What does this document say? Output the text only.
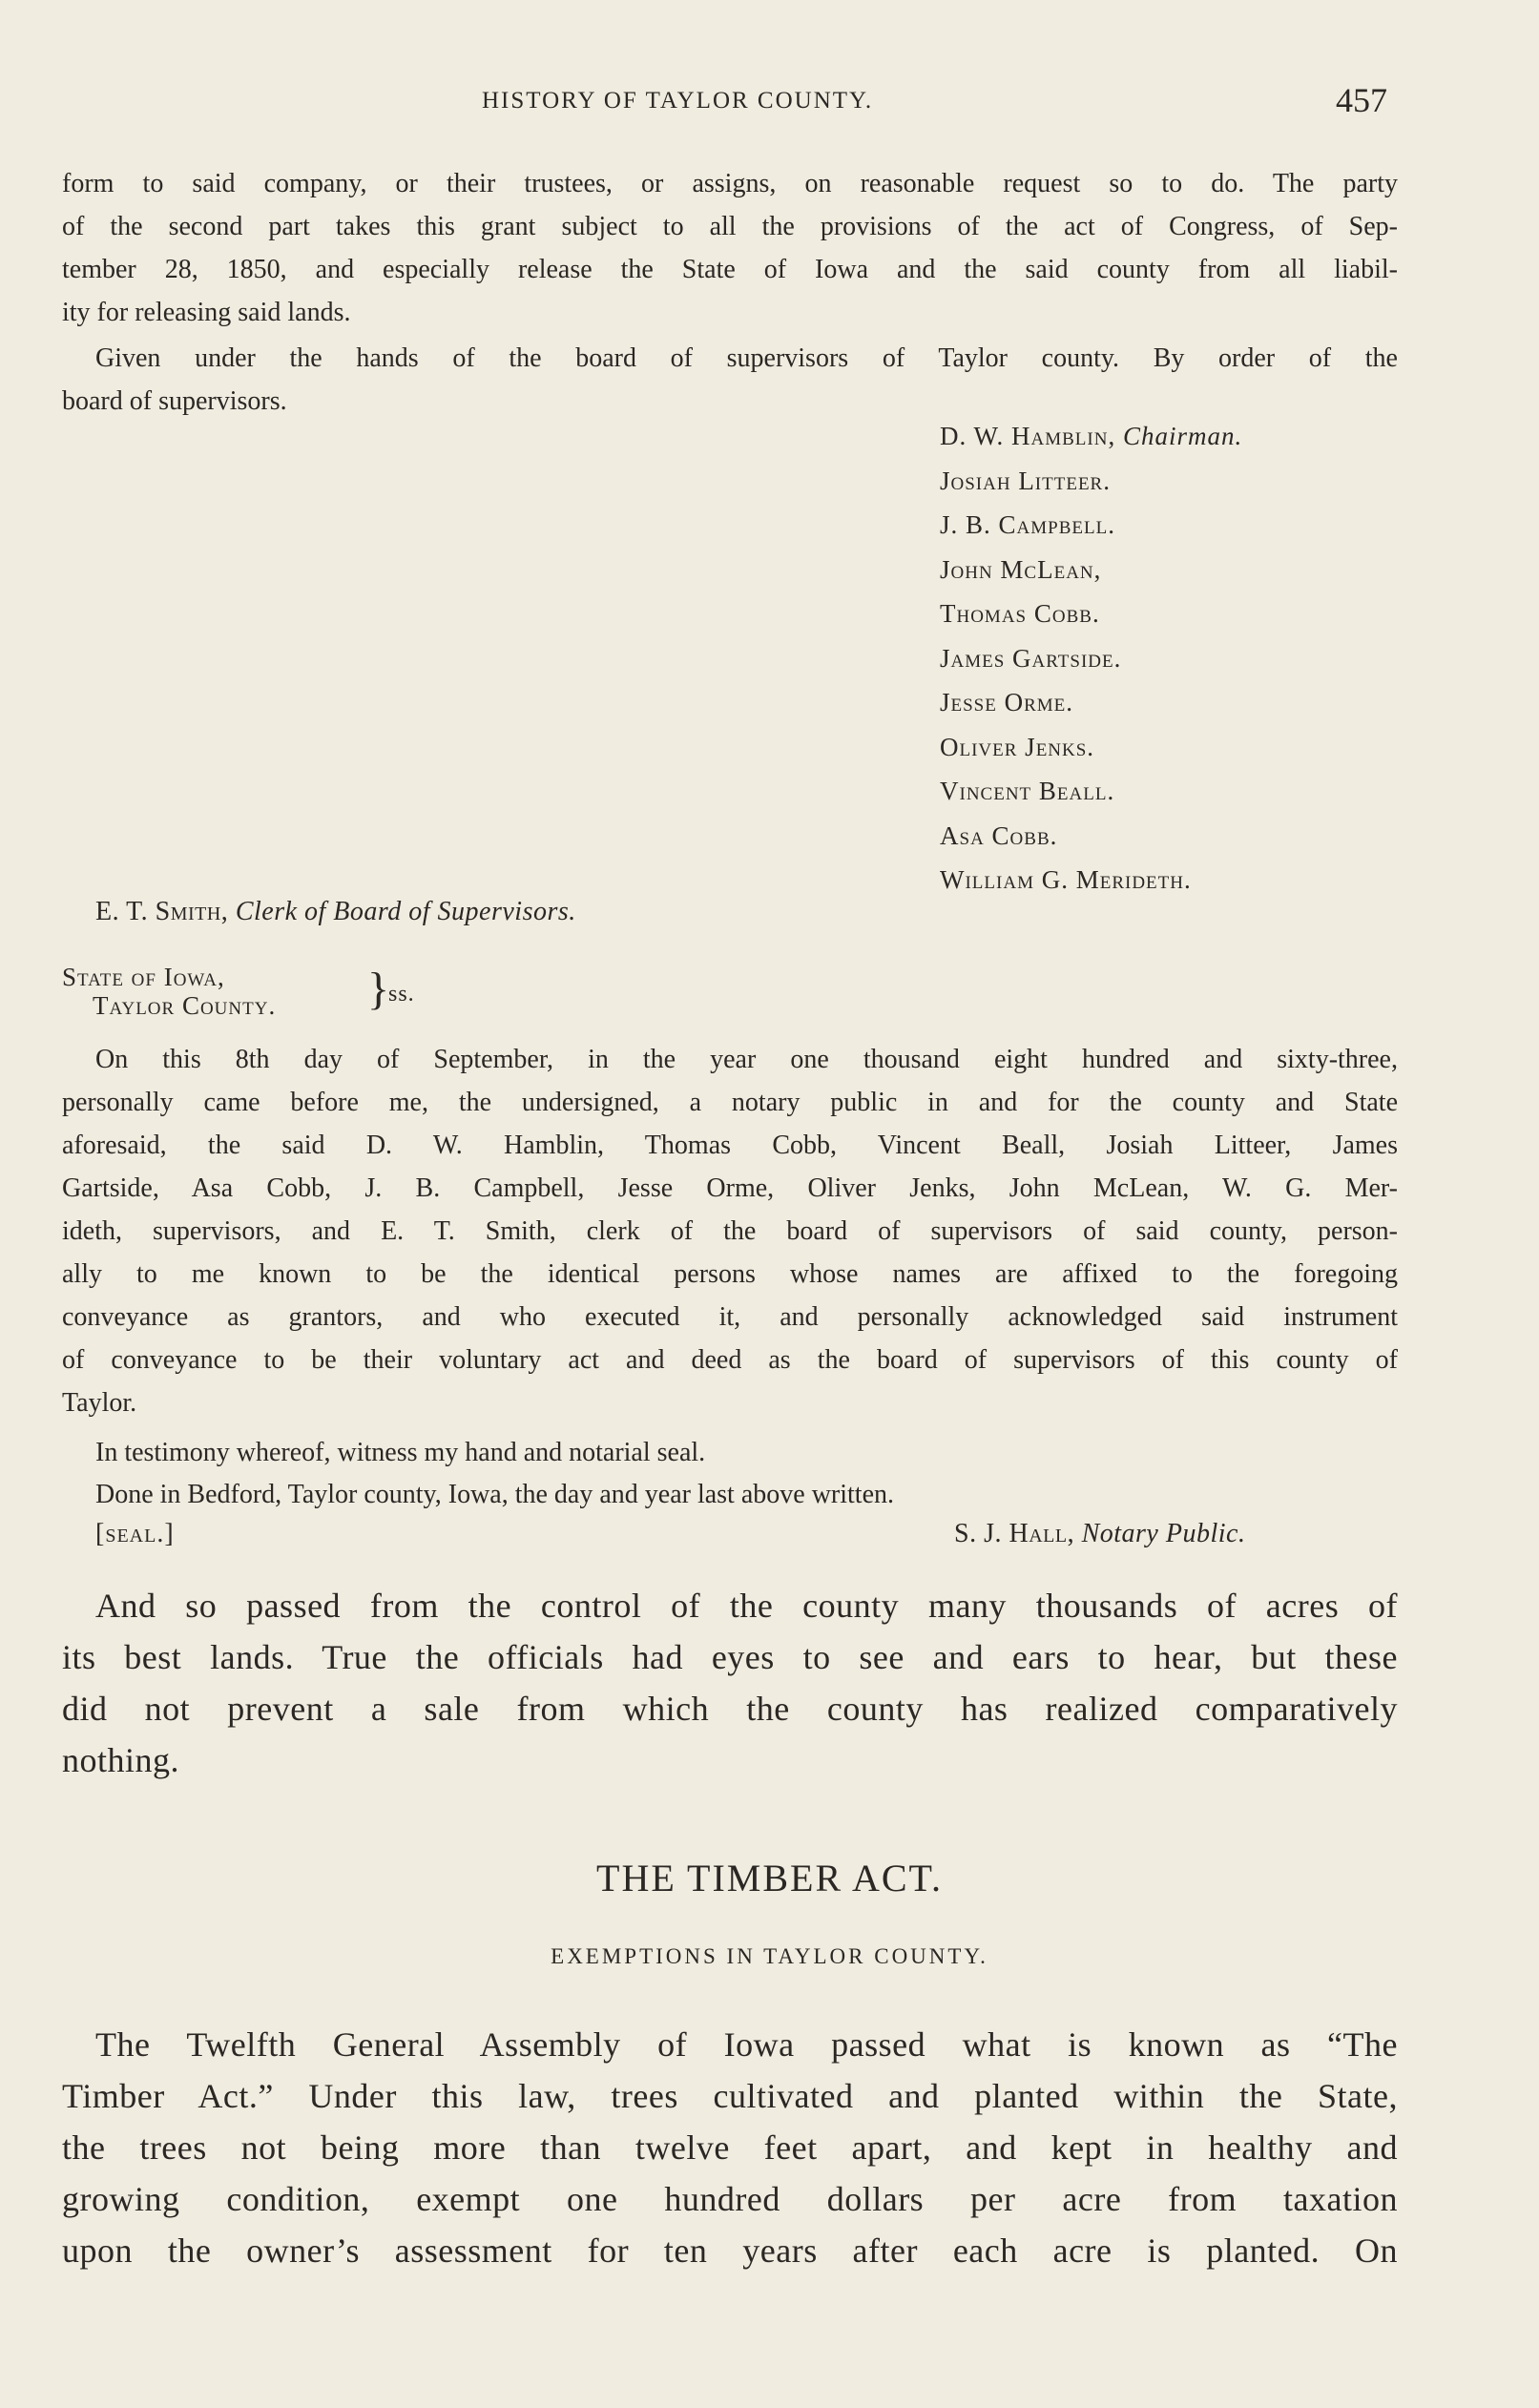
HISTORY OF TAYLOR COUNTY.	457
form to said company, or their trustees, or assigns, on reasonable request so to do. The party
of the second part takes this grant subject to all the provisions of the act of Congress, of Sep-
tember 28, 1850, and especially release the State of Iowa and the said county from all liabil-
ity for releasing said lands.
Given under the hands of the board of supervisors of Taylor county. By order of the
board of supervisors.
D. W. Hamblin, Chairman.
Josiah Litteer.
J. B. Campbell.
John McLean,
Thomas Cobb.
James Gartside.
Jesse Orme.
Oliver Jenks.
Vincent Beall.
Asa Cobb.
William G. Merideth.
E. T. Smith, Clerk of Board of Supervisors.
State of Iowa,
Taylor County. }
ss.
On this 8th day of September, in the year one thousand eight hundred and sixty-three,
personally came before me, the undersigned, a notary public in and for the county and State
aforesaid, the said D. W. Hamblin, Thomas Cobb, Vincent Beall, Josiah Litteer, James
Gartside, Asa Cobb, J. B. Campbell, Jesse Orme, Oliver Jenks, John McLean, W. G. Mer-
ideth, supervisors, and E. T. Smith, clerk of the board of supervisors of said county, person-
ally to me known to be the identical persons whose names are affixed to the foregoing
conveyance as grantors, and who executed it, and personally acknowledged said instrument
of conveyance to be their voluntary act and deed as the board of supervisors of this county of
Taylor.
In testimony whereof, witness my hand and notarial seal.
Done in Bedford, Taylor county, Iowa, the day and year last above written.
[seal.]	S. J. Hall, Notary Public.
And so passed from the control of the county many thousands of acres of
its best lands. True the officials had eyes to see and ears to hear, but these
did not prevent a sale from which the county has realized comparatively
nothing.
THE TIMBER ACT.
EXEMPTIONS IN TAYLOR COUNTY.
The Twelfth General Assembly of Iowa passed what is known as “The
Timber Act.” Under this law, trees cultivated and planted within the State,
the trees not being more than twelve feet apart, and kept in healthy and
growing condition, exempt one hundred dollars per acre from taxation
upon the owner’s assessment for ten years after each acre is planted. On
